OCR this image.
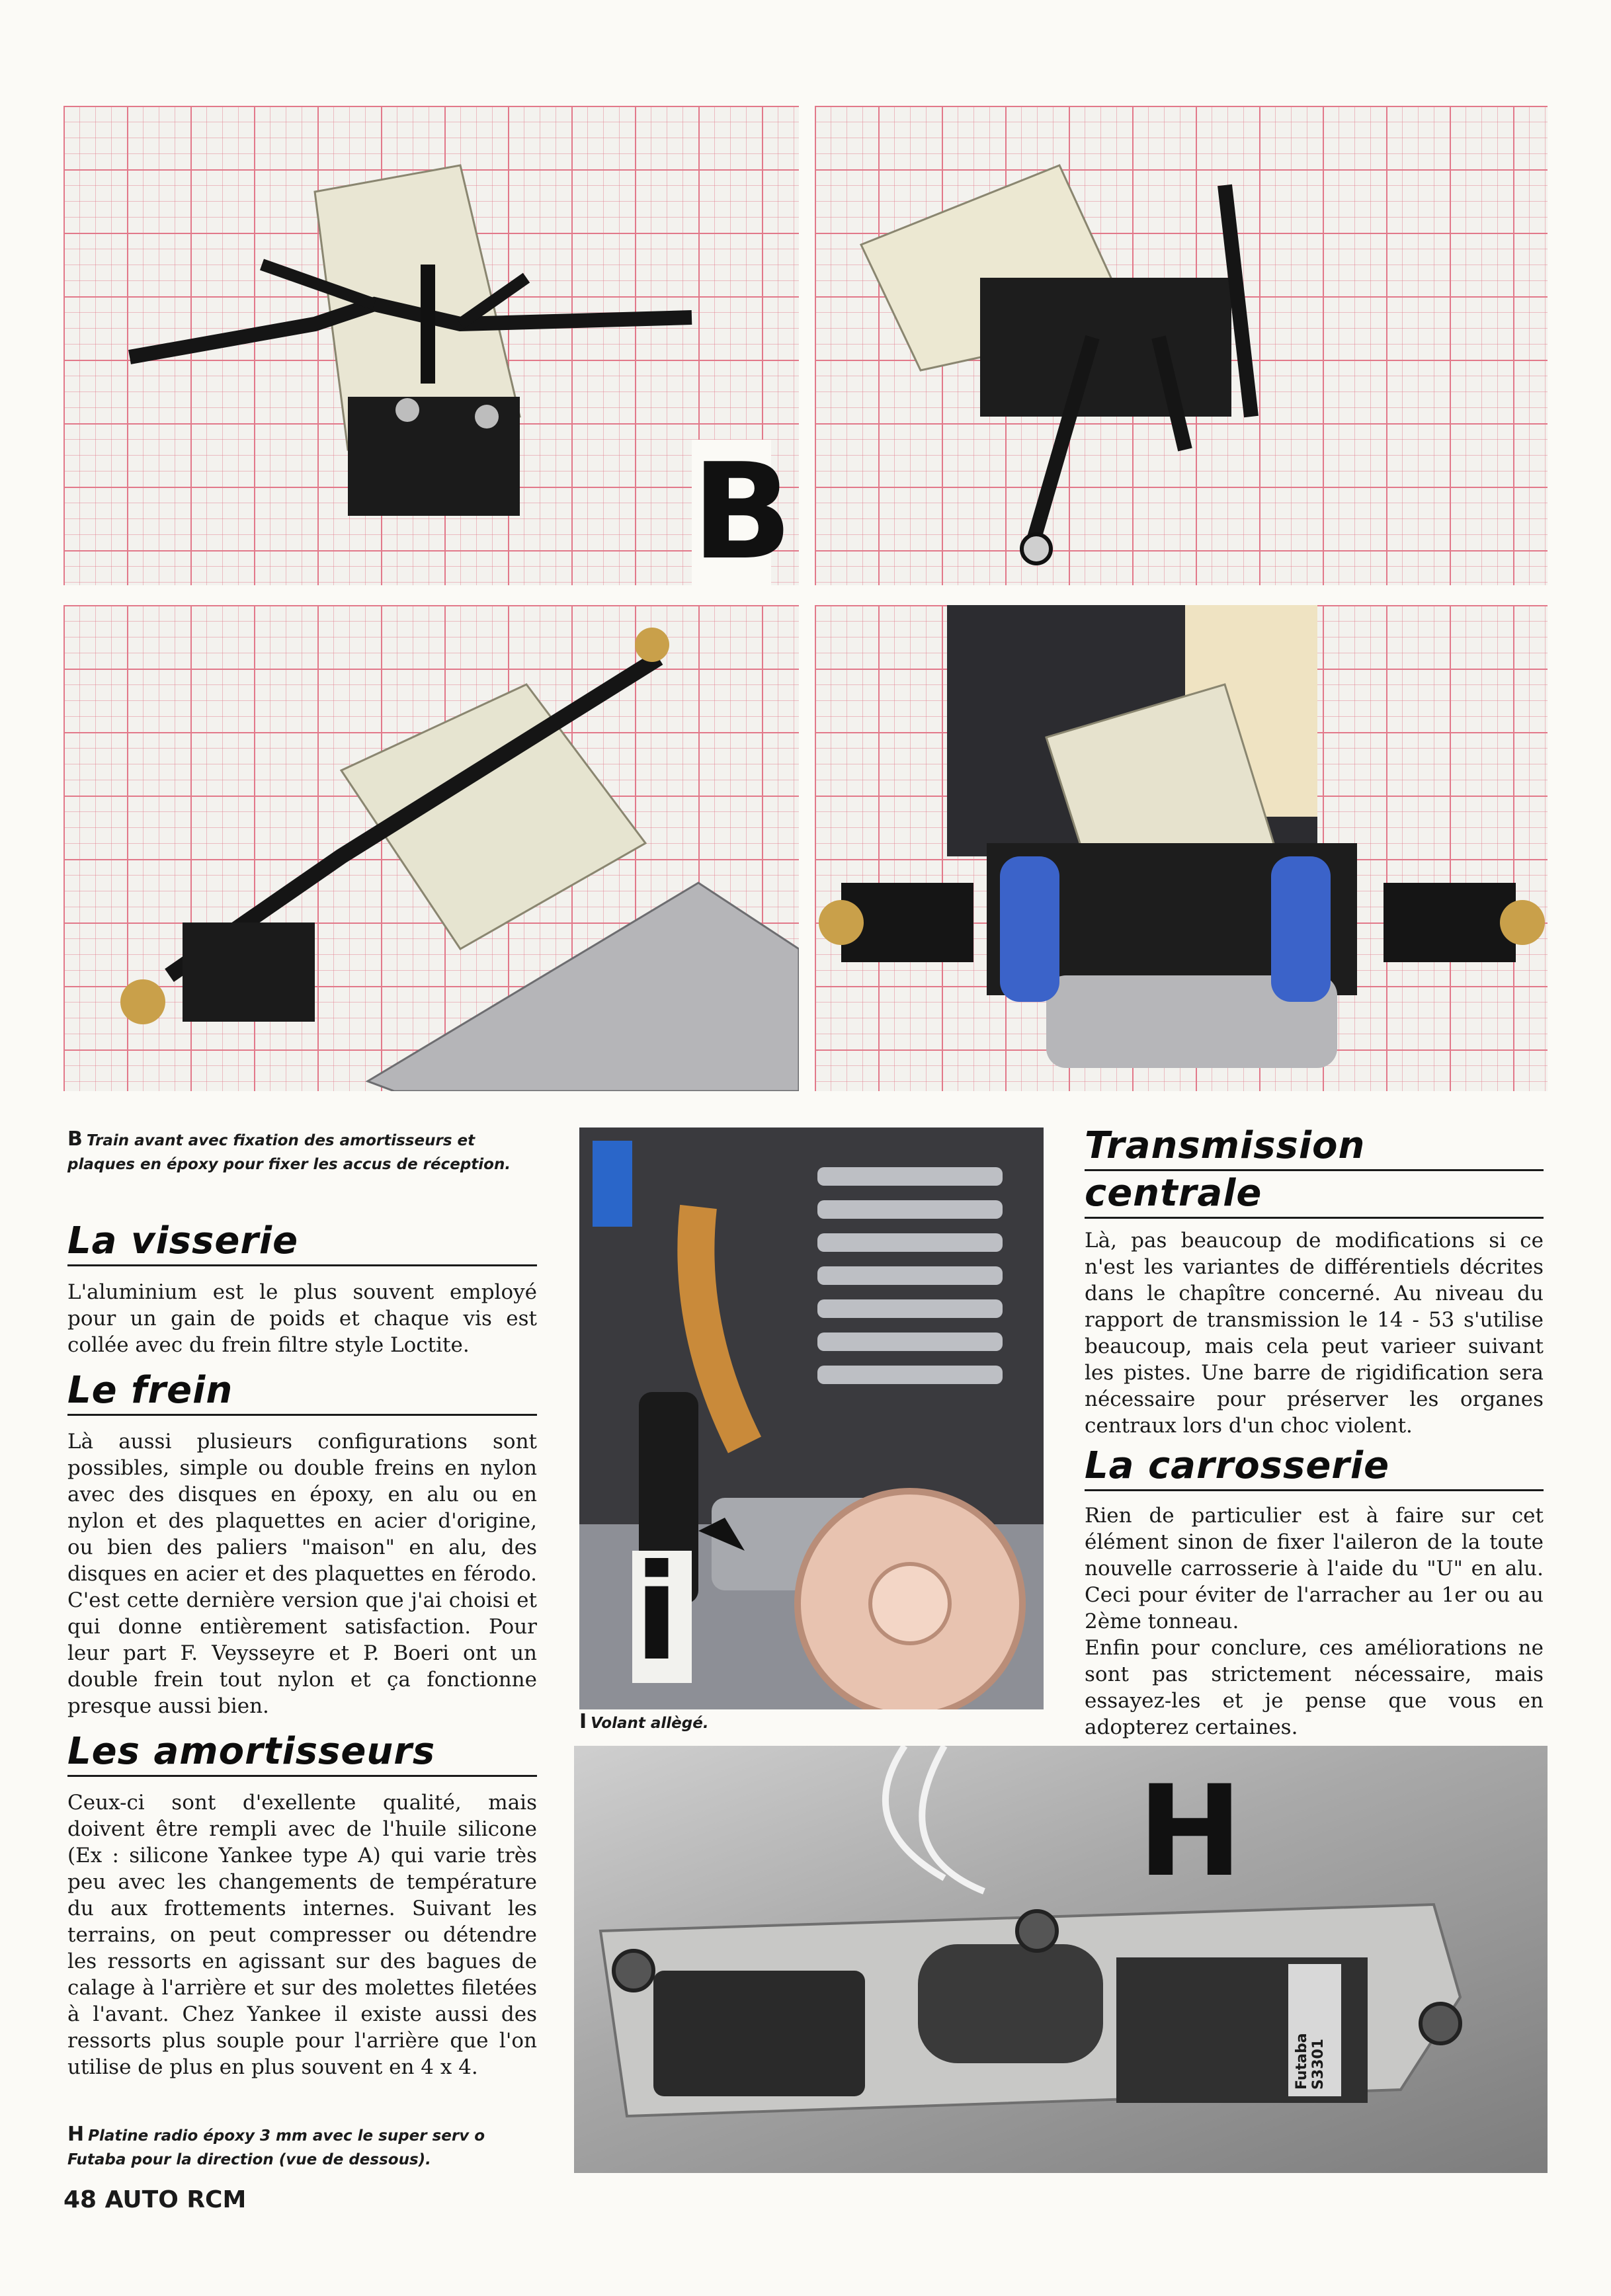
B
B Train avant avec fixation des amortisseurs et plaques en époxy pour fixer les accus de réception.
La visserie
L'aluminium est le plus souvent employé pour un gain de poids et chaque vis est collée avec du frein filtre style Loctite.
Le frein
Là aussi plusieurs configurations sont possibles, simple ou double freins en nylon avec des disques en époxy, en alu ou en nylon et des plaquettes en acier d'origine, ou bien des paliers "maison" en alu, des disques en acier et des plaquettes en férodo. C'est cette dernière version que j'ai choisi et qui donne entièrement satisfaction. Pour leur part F. Veysseyre et P. Boeri ont un double frein tout nylon et ça fonctionne presque aussi bien.
Les amortisseurs
Ceux-ci sont d'exellente qualité, mais doivent être rempli avec de l'huile silicone (Ex : silicone Yankee type A) qui varie très peu avec les changements de température du aux frottements internes. Suivant les terrains, on peut compresser ou détendre les ressorts en agissant sur des bagues de calage à l'arrière et sur des molettes filetées à l'avant. Chez Yankee il existe aussi des ressorts plus souple pour l'arrière que l'on utilise de plus en plus souvent en 4 x 4.
H Platine radio époxy 3 mm avec le super serv o Futaba pour la direction (vue de dessous).
48 AUTO RCM
i
I Volant allègé.
Transmission
centrale
Là, pas beaucoup de modifications si ce n'est les variantes de différentiels décrites dans le chapître concerné. Au niveau du rapport de transmission le 14 - 53 s'utilise beaucoup, mais cela peut varieer suivant les pistes. Une barre de rigidification sera nécessaire pour préserver les organes centraux lors d'un choc violent.
La carrosserie
Rien de particulier est à faire sur cet élément sinon de fixer l'aileron de la toute nouvelle carrosserie à l'aide du "U" en alu. Ceci pour éviter de l'arracher au 1er ou au 2ème tonneau.
Enfin pour conclure, ces améliorations ne sont pas strictement nécessaire, mais essayez-les et je pense que vous en adopterez certaines.
Futaba S3301
H
